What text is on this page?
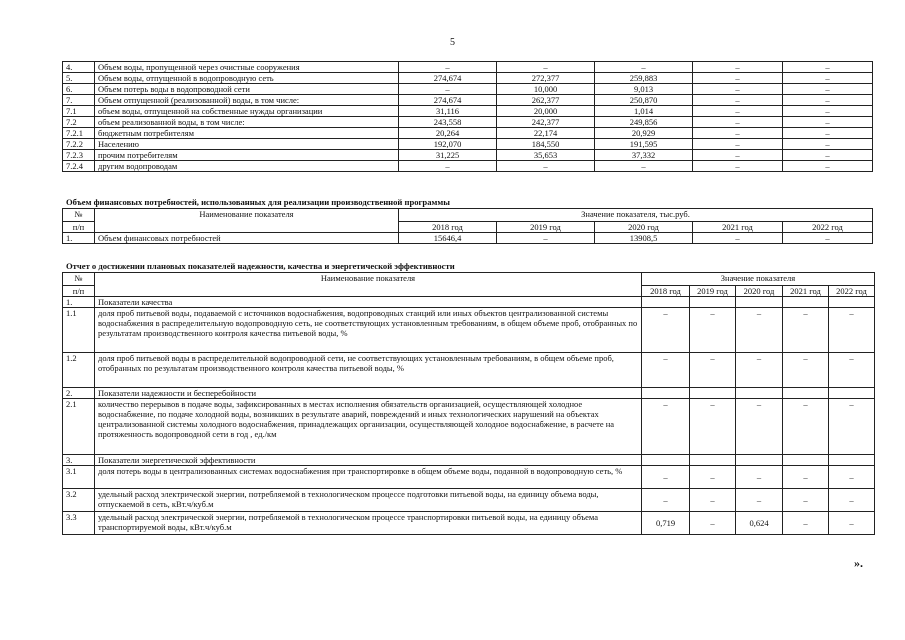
5
4.	Объем воды, пропущенной через очистные сооружения	–	–	–	–	–
5.	Объем воды, отпущенной в водопроводную сеть	274,674	272,377	259,883	–	–
6.	Объем потерь воды в водопроводной сети	–	10,000	9,013	–	–
7.	Объем отпущенной (реализованной) воды, в том числе:	274,674	262,377	250,870	–	–
7.1	объем воды, отпущенной на собственные нужды организации	31,116	20,000	1,014	–	–
7.2	объем реализованной воды, в том числе:	243,558	242,377	249,856	–	–
7.2.1	бюджетным потребителям	20,264	22,174	20,929	–	–
7.2.2	Населению	192,070	184,550	191,595	–	–
7.2.3	прочим потребителям	31,225	35,653	37,332	–	–
7.2.4	другим водопроводам	–	–	–	–	–
Объем финансовых потребностей, использованных для реализации производственной программы
№	Наименование показателя	Значение показателя, тыс.руб.				
п/п		2018 год	2019 год	2020 год	2021 год	2022 год
1.	Объем финансовых потребностей	15646,4	–	13908,5	–	–
Отчет о достижении плановых показателей надежности, качества и энергетической эффективности
№	Наименование показателя	Значение показателя				
п/п		2018 год	2019 год	2020 год	2021 год	2022 год
1.	Показатели качества					
1.1	доля проб питьевой воды, подаваемой с источников водоснабжения, водопроводных станций или иных объектов централизованной системы водоснабжения в распределительную водопроводную сеть, не соответствующих установленным требованиям, в общем объеме проб, отобранных по результатам производственного контроля качества питьевой воды, %	–	–	–	–	–
1.2	доля проб питьевой воды в распределительной водопроводной сети, не соответствующих установленным требованиям, в общем объеме проб, отобранных по результатам производственного контроля качества питьевой воды, %	–	–	–	–	–
2.	Показатели надежности и бесперебойности					
2.1	количество перерывов в подаче воды, зафиксированных в местах исполнения обязательств организацией, осуществляющей холодное водоснабжение, по подаче холодной воды, возникших в результате аварий, повреждений и иных технологических нарушений на объектах централизованной системы холодного водоснабжения, принадлежащих организации, осуществляющей холодное водоснабжение, в расчете на протяженность водопроводной сети в год , ед./км	–	–	–	–	–
3.	Показатели энергетической эффективности					
3.1	доля потерь воды в централизованных системах водоснабжения при транспортировке в общем объеме воды, поданной в водопроводную сеть, %	–	–	–	–	–
3.2	удельный расход электрической энергии, потребляемой в технологическом процессе подготовки питьевой воды, на единицу объема воды, отпускаемой в сеть, кВт.ч/куб.м	–	–	–	–	–
3.3	удельный расход электрической энергии, потребляемой в технологическом процессе транспортировки питьевой воды, на единицу объема транспортируемой воды, кВт.ч/куб.м	0,719	–	0,624	–	–
».
